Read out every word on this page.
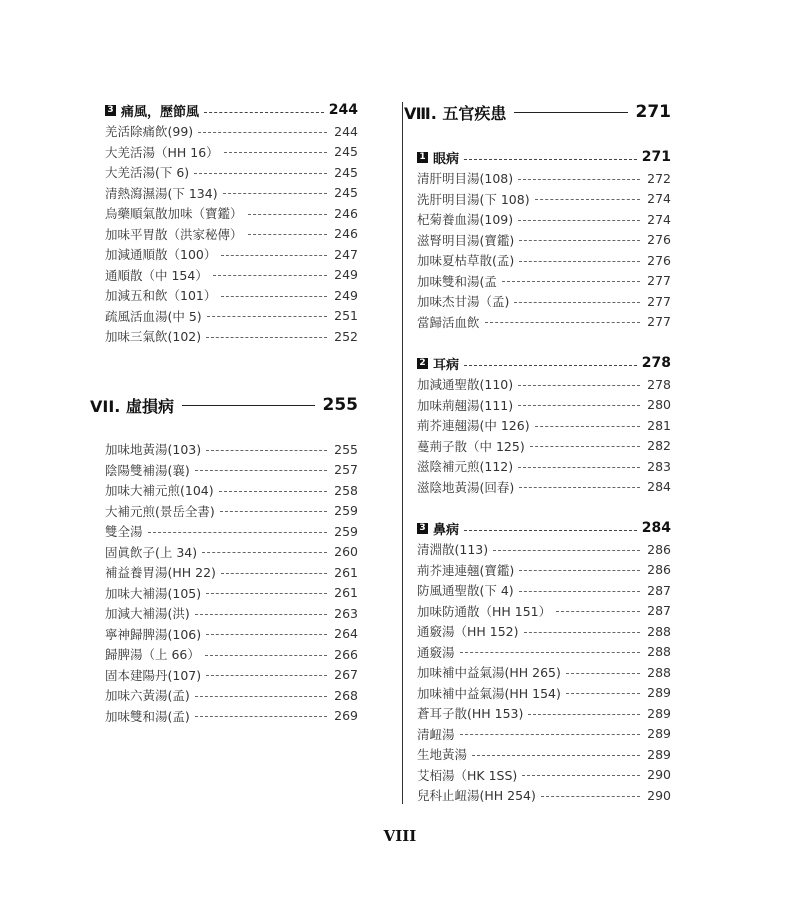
3 痛風，歷節風	244
羌活除痛飲(99)	244
大羌活湯（HH 16）	245
大羌活湯(下 6)	245
清熱瀉濕湯(下 134)	245
烏藥順氣散加味（寶鑑）	246
加味平胃散（洪家秘傳）	246
加減通順散（100）	247
通順散（中 154）	249
加減五和飲（101）	249
疏風活血湯(中 5)	251
加味三氣飲(102)	252
VII. 虛損病	255
加味地黃湯(103)	255
陰陽雙補湯(襄)	257
加味大補元煎(104)	258
大補元煎(景岳全書)	259
雙全湯	259
固眞飲子(上 34)	260
補益養胃湯(HH 22)	261
加味大補湯(105)	261
加減大補湯(洪)	263
寧神歸脾湯(106)	264
歸脾湯（上 66）	266
固本建陽丹(107)	267
加味六黃湯(孟)	268
加味雙和湯(孟)	269
Ⅷ. 五官疾患	271
1 眼病	271
清肝明目湯(108)	272
洗肝明目湯(下 108)	274
杞菊養血湯(109)	274
滋腎明目湯(寶鑑)	276
加味夏枯草散(孟)	276
加味雙和湯(孟	277
加味杰甘湯（孟)	277
當歸活血飲	277
2 耳病	278
加減通聖散(110)	278
加味荊翹湯(111)	280
荊芥連翹湯(中 126)	281
蔓荊子散（中 125)	282
滋陰補元煎(112)	283
滋陰地黃湯(回春)	284
3 鼻病	284
清淵散(113)	286
荊芥連連翹(寶鑑)	286
防風通聖散(下 4)	287
加味防通散（HH 151）	287
通竅湯（HH 152)	288
通竅湯	288
加味補中益氣湯(HH 265)	288
加味補中益氣湯(HH 154)	289
蒼耳子散(HH 153)	289
清衄湯	289
生地黃湯	289
艾栢湯（HK 1SS)	290
兒科止衄湯(HH 254)	290
VIII
